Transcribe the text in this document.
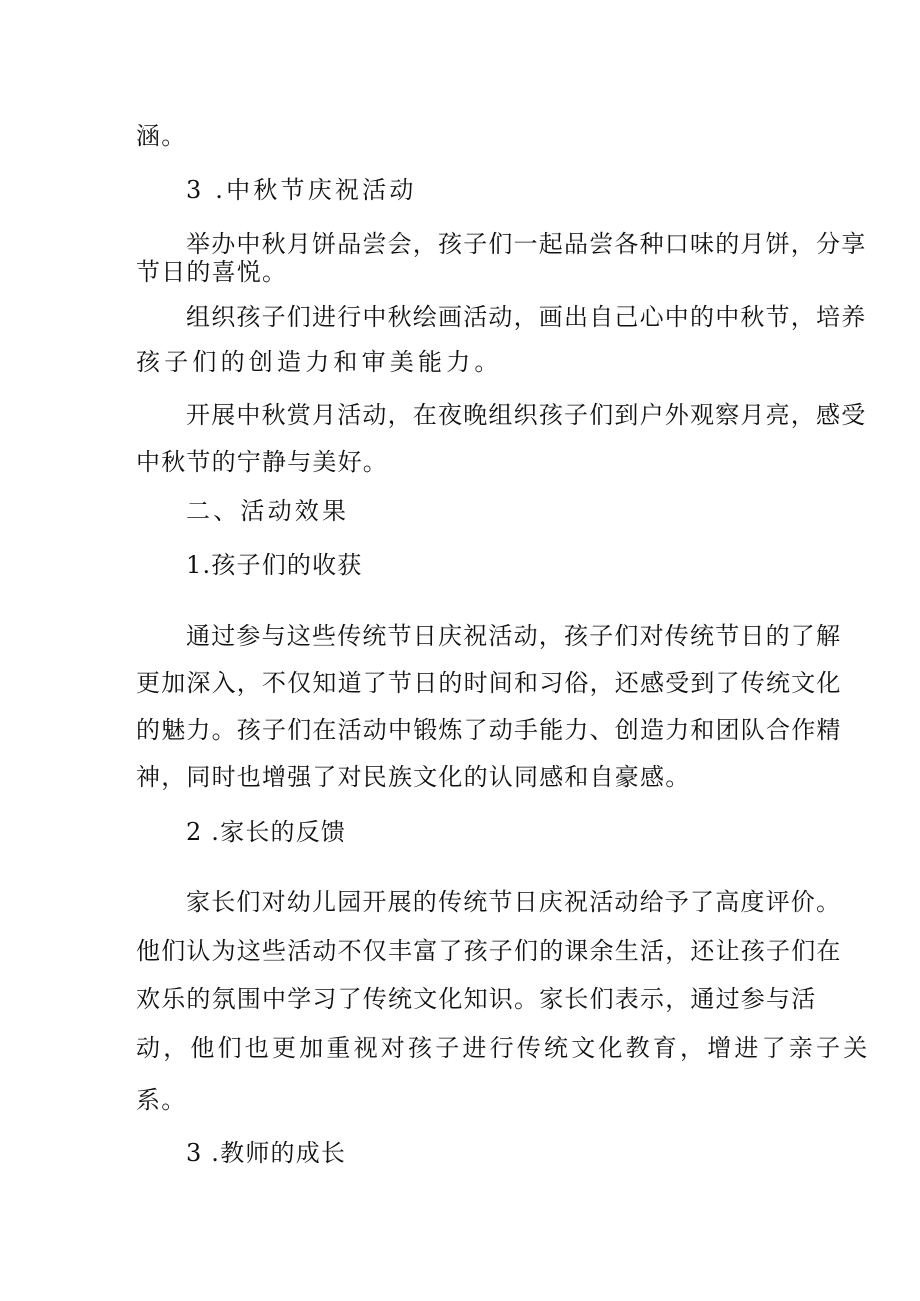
涵。
3 .中秋节庆祝活动
举办中秋月饼品尝会，孩子们一起品尝各种口味的月饼，分享
节日的喜悦。
组织孩子们进行中秋绘画活动，画出自己心中的中秋节，培养
孩子们的创造力和审美能力。
开展中秋赏月活动，在夜晚组织孩子们到户外观察月亮，感受
中秋节的宁静与美好。
二、活动效果
1.孩子们的收获
通过参与这些传统节日庆祝活动，孩子们对传统节日的了解
更加深入，不仅知道了节日的时间和习俗，还感受到了传统文化
的魅力。孩子们在活动中锻炼了动手能力、创造力和团队合作精
神，同时也增强了对民族文化的认同感和自豪感。
2 .家长的反馈
家长们对幼儿园开展的传统节日庆祝活动给予了高度评价。
他们认为这些活动不仅丰富了孩子们的课余生活，还让孩子们在
欢乐的氛围中学习了传统文化知识。家长们表示，通过参与活
动，他们也更加重视对孩子进行传统文化教育，增进了亲子关
系。
3 .教师的成长
